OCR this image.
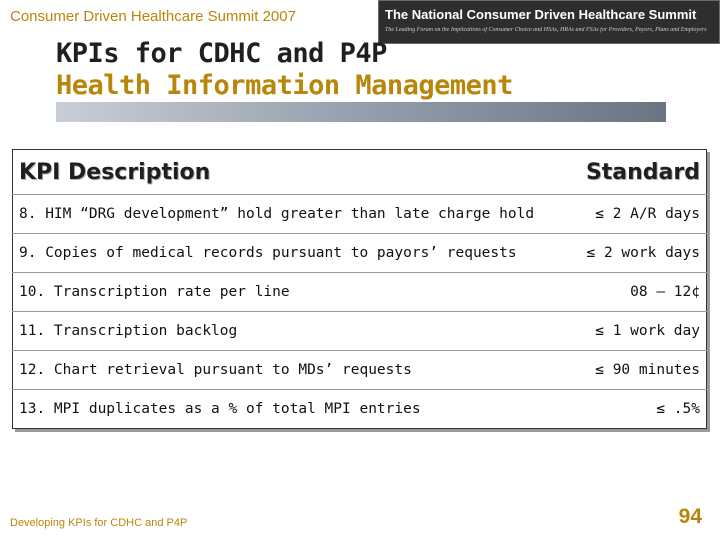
Consumer Driven Healthcare Summit 2007	The National Consumer Driven Healthcare Summit
The Leading Forum on the Implications of Consumer Choice and HSAs, HRAs and FSAs for Providers, Payors, Plans and Employers
KPIs for CDHC and P4P
Health Information Management
KPI Description	Standard
8. HIM “DRG development” hold greater than late charge hold	≤ 2 A/R days
9. Copies of medical records pursuant to payors’ requests	≤ 2 work days
10. Transcription rate per line	08 – 12¢
11. Transcription backlog	≤ 1 work day
12. Chart retrieval pursuant to MDs’ requests	≤ 90 minutes
13. MPI duplicates as a % of total MPI entries	≤ .5%
Developing KPIs for CDHC and P4P	94
